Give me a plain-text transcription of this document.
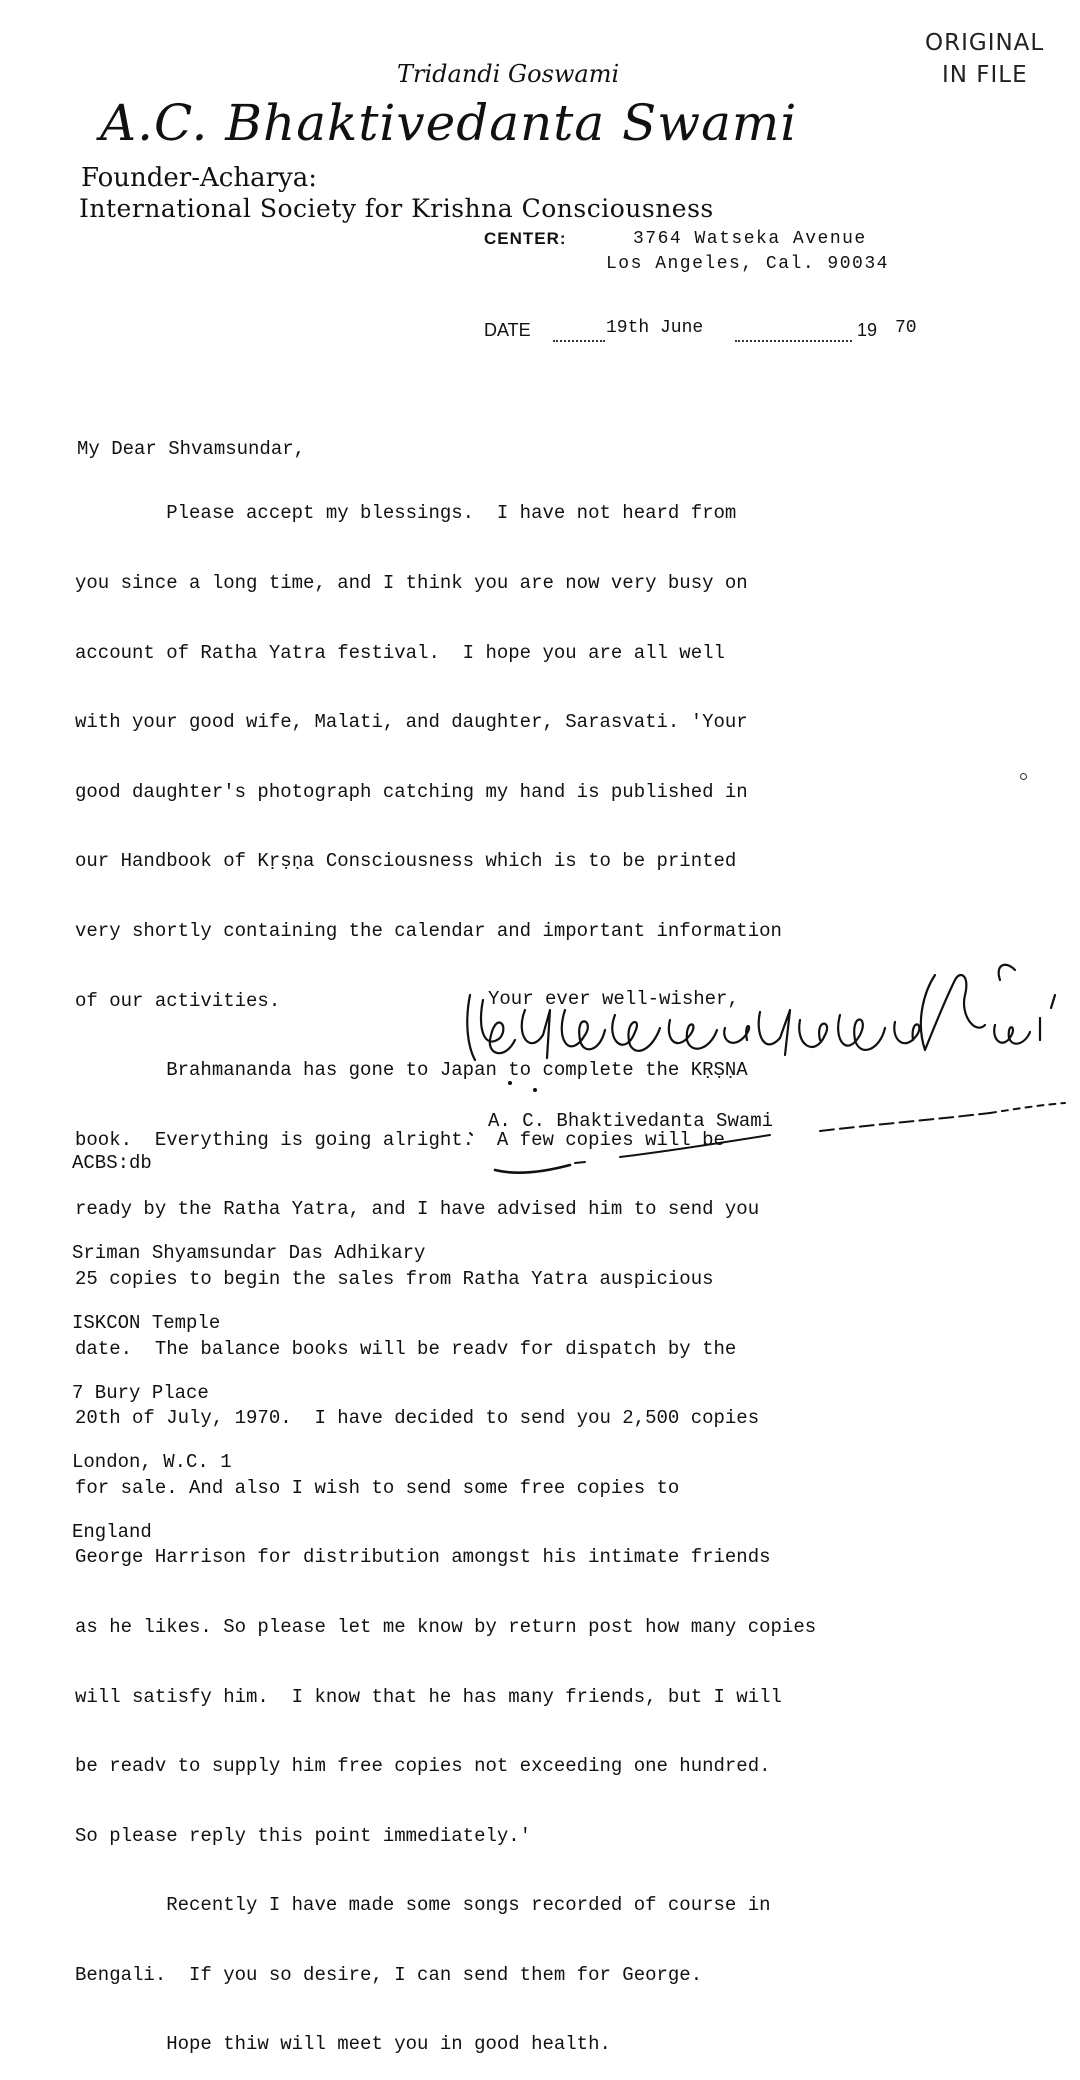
ORIGINAL
IN FILE
Tridandi Goswami
A.C. Bhaktivedanta Swami
Founder-Acharya:
International Society for Krishna Consciousness
CENTER:	3764 Watseka Avenue
Los Angeles, Cal. 90034
DATE	19th June	19 70
My Dear Shvamsundar,

Please accept my blessings.  I have not heard from

you since a long time, and I think you are now very busy on

account of Ratha Yatra festival.  I hope you are all well

with your good wife, Malati, and daughter, Sarasvati. 'Your

good daughter's photograph catching my hand is published in

our Handbook of Kṛṣṇa Consciousness which is to be printed

very shortly containing the calendar and important information

of our activities.

Brahmananda has gone to Japan to complete the KṚṢṆA

book.  Everything is going alright.  A few copies will be

ready by the Ratha Yatra, and I have advised him to send you

25 copies to begin the sales from Ratha Yatra auspicious

date.  The balance books will be readv for dispatch by the

20th of July, 1970.  I have decided to send you 2,500 copies

for sale. And also I wish to send some free copies to

George Harrison for distribution amongst his intimate friends

as he likes. So please let me know by return post how many copies

will satisfy him.  I know that he has many friends, but I will

be readv to supply him free copies not exceeding one hundred.

So please reply this point immediately.'

Recently I have made some songs recorded of course in

Bengali.  If you so desire, I can send them for George.

Hope thiw will meet you in good health.

Your ever well-wisher,
A. C. Bhaktivedanta Swami
ACBS:db

Sriman Shyamsundar Das Adhikary

ISKCON Temple

7 Bury Place

London, W.C. 1

England
